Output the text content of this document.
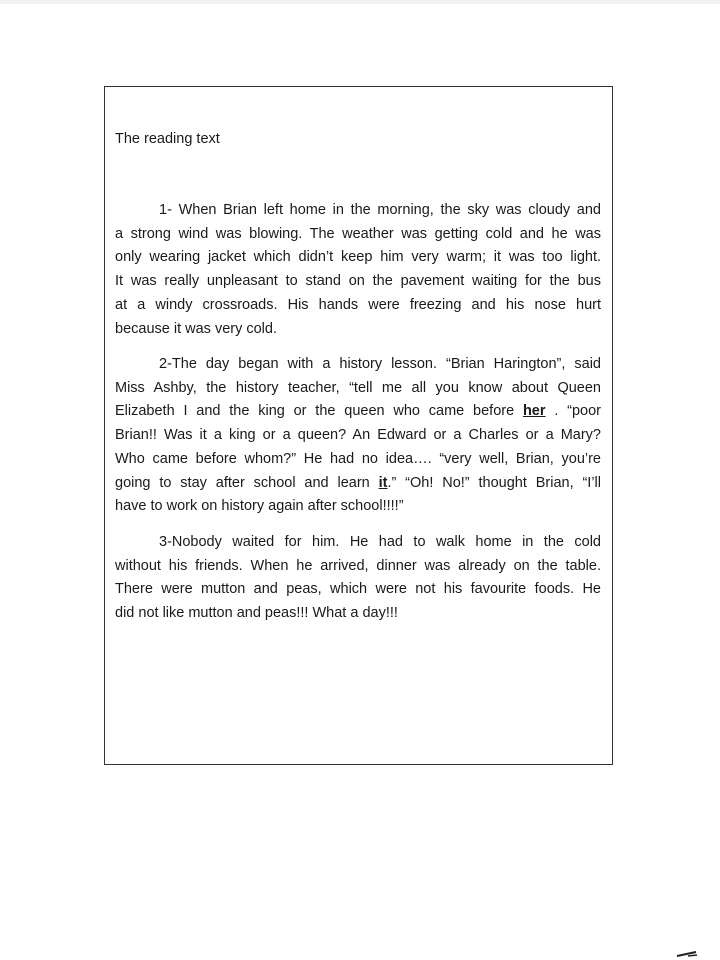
The reading text

1- When Brian left home in the morning, the sky was cloudy and
a strong wind was blowing. The weather was getting cold and he was
only wearing jacket which didn’t keep him very warm; it was too light.
It was really unpleasant to stand on the pavement waiting for the bus
at a windy crossroads. His hands were freezing and his nose hurt
because it was very cold.

2-The day began with a history lesson. “Brian Harington”, said
Miss Ashby, the history teacher, “tell me all you know about Queen
Elizabeth I and the king or the queen who came before her . “poor
Brian!! Was it a king or a queen? An Edward or a Charles or a Mary?
Who came before whom?” He had no idea…. “very well, Brian, you’re
going to stay after school and learn it.” “Oh! No!” thought Brian, “I’ll
have to work on history again after school!!!!”

3-Nobody waited for him. He had to walk home in the cold
without his friends. When he arrived, dinner was already on the table.
There were mutton and peas, which were not his favourite foods. He
did not like mutton and peas!!! What a day!!!
